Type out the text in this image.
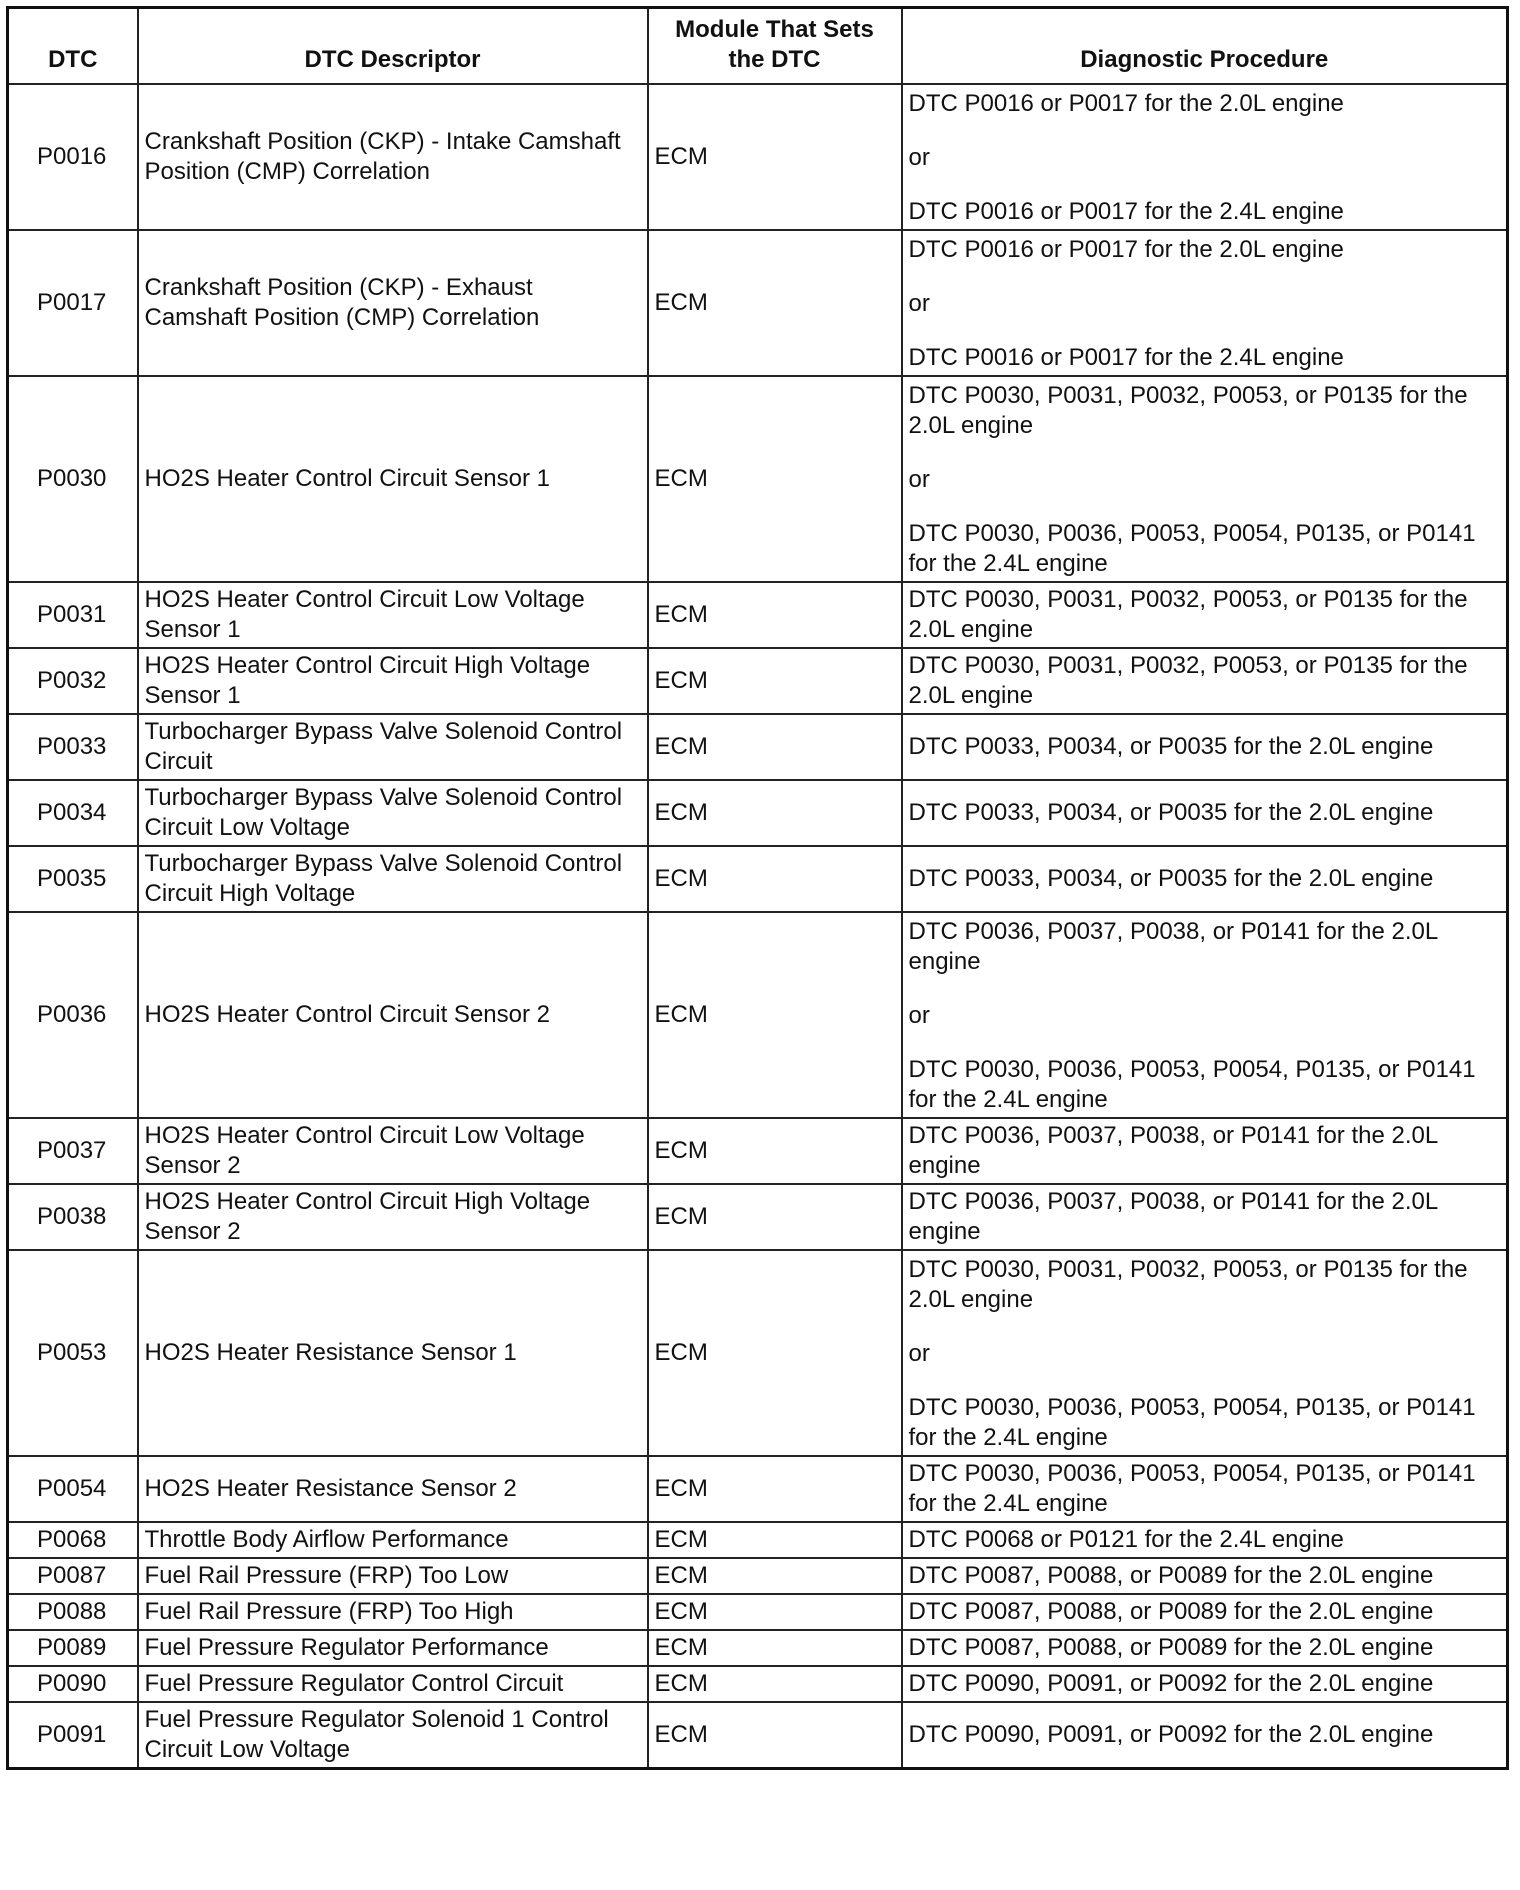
DTC	DTC Descriptor	Module That Sets the DTC	Diagnostic Procedure
P0016	Crankshaft Position (CKP) - Intake Camshaft Position (CMP) Correlation	ECM	DTC P0016 or P0017 for the 2.0L engine
or
DTC P0016 or P0017 for the 2.4L engine

P0017	Crankshaft Position (CKP) - Exhaust Camshaft Position (CMP) Correlation	ECM	DTC P0016 or P0017 for the 2.0L engine
or
DTC P0016 or P0017 for the 2.4L engine

P0030	HO2S Heater Control Circuit Sensor 1	ECM	DTC P0030, P0031, P0032, P0053, or P0135 for the 2.0L engine
or
DTC P0030, P0036, P0053, P0054, P0135, or P0141 for the 2.4L engine

P0031	HO2S Heater Control Circuit Low Voltage Sensor 1	ECM	DTC P0030, P0031, P0032, P0053, or P0135 for the 2.0L engine

P0032	HO2S Heater Control Circuit High Voltage Sensor 1	ECM	DTC P0030, P0031, P0032, P0053, or P0135 for the 2.0L engine

P0033	Turbocharger Bypass Valve Solenoid Control Circuit	ECM	DTC P0033, P0034, or P0035 for the 2.0L engine

P0034	Turbocharger Bypass Valve Solenoid Control Circuit Low Voltage	ECM	DTC P0033, P0034, or P0035 for the 2.0L engine

P0035	Turbocharger Bypass Valve Solenoid Control Circuit High Voltage	ECM	DTC P0033, P0034, or P0035 for the 2.0L engine

P0036	HO2S Heater Control Circuit Sensor 2	ECM	DTC P0036, P0037, P0038, or P0141 for the 2.0L engine
or
DTC P0030, P0036, P0053, P0054, P0135, or P0141 for the 2.4L engine

P0037	HO2S Heater Control Circuit Low Voltage Sensor 2	ECM	DTC P0036, P0037, P0038, or P0141 for the 2.0L engine

P0038	HO2S Heater Control Circuit High Voltage Sensor 2	ECM	DTC P0036, P0037, P0038, or P0141 for the 2.0L engine

P0053	HO2S Heater Resistance Sensor 1	ECM	DTC P0030, P0031, P0032, P0053, or P0135 for the 2.0L engine
or
DTC P0030, P0036, P0053, P0054, P0135, or P0141 for the 2.4L engine

P0054	HO2S Heater Resistance Sensor 2	ECM	DTC P0030, P0036, P0053, P0054, P0135, or P0141 for the 2.4L engine

P0068	Throttle Body Airflow Performance	ECM	DTC P0068 or P0121 for the 2.4L engine

P0087	Fuel Rail Pressure (FRP) Too Low	ECM	DTC P0087, P0088, or P0089 for the 2.0L engine

P0088	Fuel Rail Pressure (FRP) Too High	ECM	DTC P0087, P0088, or P0089 for the 2.0L engine

P0089	Fuel Pressure Regulator Performance	ECM	DTC P0087, P0088, or P0089 for the 2.0L engine

P0090	Fuel Pressure Regulator Control Circuit	ECM	DTC P0090, P0091, or P0092 for the 2.0L engine

P0091	Fuel Pressure Regulator Solenoid 1 Control Circuit Low Voltage	ECM	DTC P0090, P0091, or P0092 for the 2.0L engine
